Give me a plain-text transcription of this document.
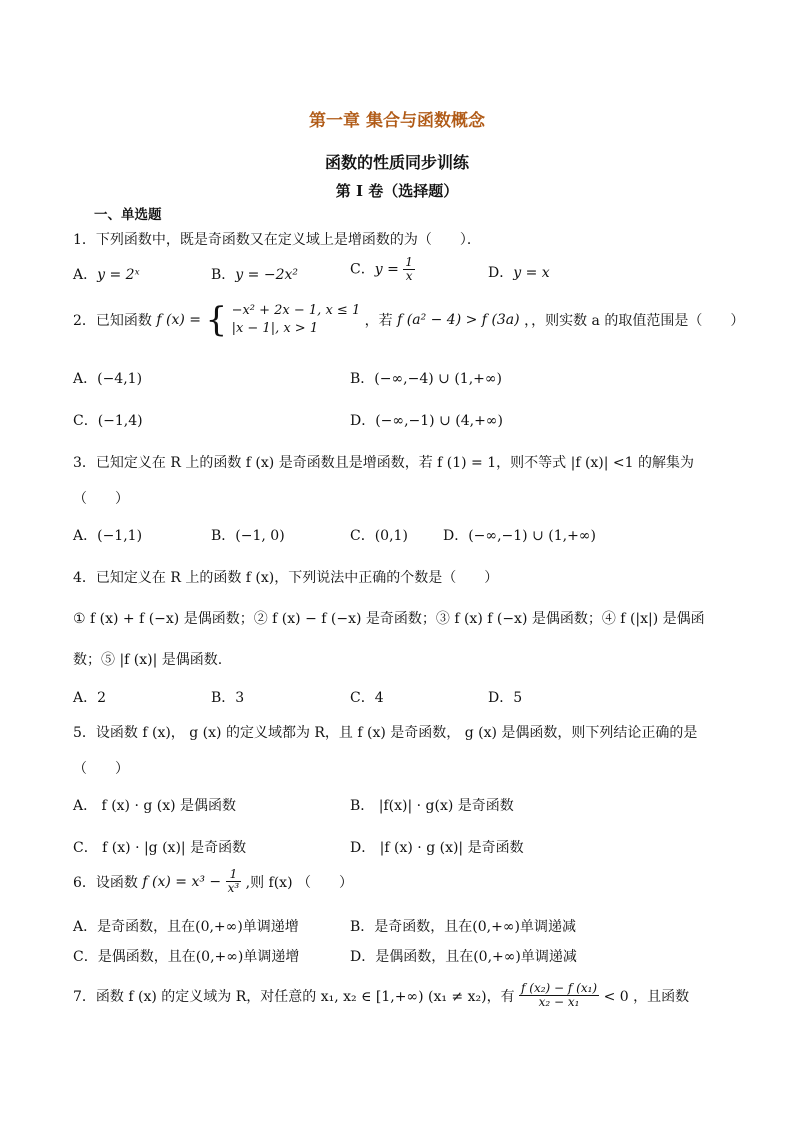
第一章 集合与函数概念
函数的性质同步训练
第 I 卷（选择题）
一、单选题
1．下列函数中，既是奇函数又在定义域上是增函数的为（　　）．
A．y = 2ˣ	B．y = −2x²	C．$y = \frac{1}{x}$	D．y = x
2．已知函数 f (x) = { −x² + 2x − 1, x ≤ 1
|x − 1|, x > 1	，若 f (a² − 4) > f (3a) ，，则实数 a 的取值范围是（　　）
A．(−4,1)	B．(−∞,−4) ∪ (1,+∞)
C．(−1,4)	D．(−∞,−1) ∪ (4,+∞)
3．已知定义在 R 上的函数 f (x) 是奇函数且是增函数，若 f (1) = 1，则不等式 |f (x)| <1 的解集为
（　　）
A．(−1,1)	B．(−1, 0)	C．(0,1)	D．(−∞,−1) ∪ (1,+∞)
4．已知定义在 R 上的函数 f (x)，下列说法中正确的个数是（　　）
① f (x) + f (−x) 是偶函数；② f (x) − f (−x) 是奇函数；③ f (x) f (−x) 是偶函数；④ f (|x|) 是偶函
数；⑤ |f (x)| 是偶函数.
A．2	B．3	C．4	D．5
5．设函数 f (x)， g (x) 的定义域都为 R，且 f (x) 是奇函数， g (x) 是偶函数，则下列结论正确的是
（　　）
A． f (x) · g (x) 是偶函数	B． |f(x)| · g(x) 是奇函数
C． f (x) · |g (x)| 是奇函数	D． |f (x) · g (x)| 是奇函数
6．设函数 f $(x) = x^3 - \frac{1}{\text{x³}}$ ,则 f(x) （　　）
A．是奇函数，且在(0,+∞)单调递增	B．是奇函数，且在(0,+∞)单调递减
C．是偶函数，且在(0,+∞)单调递增	D．是偶函数，且在(0,+∞)单调递减
7．函数 f (x) 的定义域为 R，对任意的 x₁, x₂ ∈ [1,+∞) (x₁ ≠ x₂)，有 $\frac{\text{f (x₂) − f (x₁)}}{\text{x₂ − x₁}} < 0$ ，且函数
